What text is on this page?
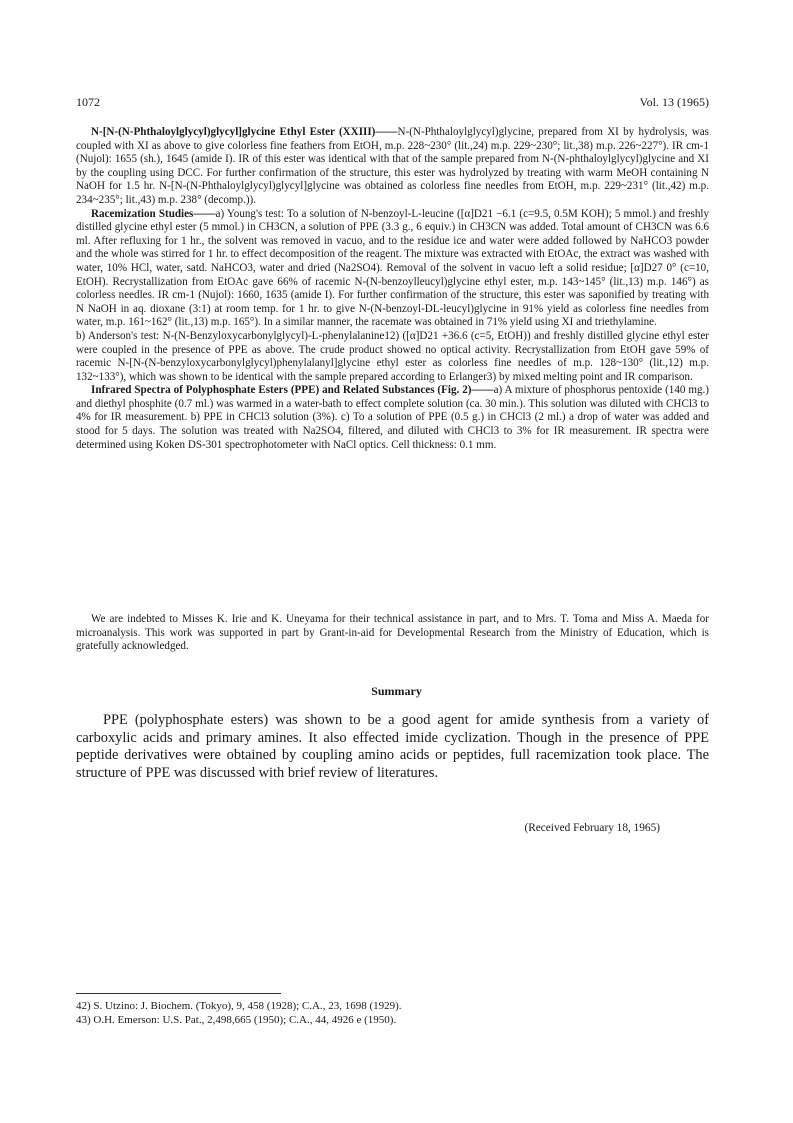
1072	Vol. 13 (1965)

N-[N-(N-Phthaloylglycyl)glycyl]glycine Ethyl Ester (XXIII)——N-(N-Phthaloylglycyl)glycine, prepared from XI by hydrolysis, was coupled with XI as above to give colorless fine feathers from EtOH, m.p. 228~230° (lit.,24) m.p. 229~230°; lit.,38) m.p. 226~227°). IR cm-1 (Nujol): 1655 (sh.), 1645 (amide I). IR of this ester was identical with that of the sample prepared from N-(N-phthaloylglycyl)glycine and XI by the coupling using DCC. For further confirmation of the structure, this ester was hydrolyzed by treating with warm MeOH containing N NaOH for 1.5 hr. N-[N-(N-Phthaloylglycyl)glycyl]glycine was obtained as colorless fine needles from EtOH, m.p. 229~231° (lit.,42) m.p. 234~235°; lit.,43) m.p. 238° (decomp.)).

Racemization Studies——a) Young's test: To a solution of N-benzoyl-L-leucine ([α]D21 −6.1 (c=9.5, 0.5M KOH); 5 mmol.) and freshly distilled glycine ethyl ester (5 mmol.) in CH3CN, a solution of PPE (3.3 g., 6 equiv.) in CH3CN was added. Total amount of CH3CN was 6.6 ml. After refluxing for 1 hr., the solvent was removed in vacuo, and to the residue ice and water were added followed by NaHCO3 powder and the whole was stirred for 1 hr. to effect decomposition of the reagent. The mixture was extracted with EtOAc, the extract was washed with water, 10% HCl, water, satd. NaHCO3, water and dried (Na2SO4). Removal of the solvent in vacuo left a solid residue; [α]D27 0° (c=10, EtOH). Recrystallization from EtOAc gave 66% of racemic N-(N-benzoylleucyl)glycine ethyl ester, m.p. 143~145° (lit.,13) m.p. 146°) as colorless needles. IR cm-1 (Nujol): 1660, 1635 (amide I). For further confirmation of the structure, this ester was saponified by treating with N NaOH in aq. dioxane (3:1) at room temp. for 1 hr. to give N-(N-benzoyl-DL-leucyl)glycine in 91% yield as colorless fine needles from water, m.p. 161~162° (lit.,13) m.p. 165°). In a similar manner, the racemate was obtained in 71% yield using XI and triethylamine.

b) Anderson's test: N-(N-Benzyloxycarbonylglycyl)-L-phenylalanine12) ([α]D21 +36.6 (c=5, EtOH)) and freshly distilled glycine ethyl ester were coupled in the presence of PPE as above. The crude product showed no optical activity. Recrystallization from EtOH gave 59% of racemic N-[N-(N-benzyloxycarbonylglycyl)phenylalanyl]glycine ethyl ester as colorless fine needles of m.p. 128~130° (lit.,12) m.p. 132~133°), which was shown to be identical with the sample prepared according to Erlanger3) by mixed melting point and IR comparison.

Infrared Spectra of Polyphosphate Esters (PPE) and Related Substances (Fig. 2)——a) A mixture of phosphorus pentoxide (140 mg.) and diethyl phosphite (0.7 ml.) was warmed in a water-bath to effect complete solution (ca. 30 min.). This solution was diluted with CHCl3 to 4% for IR measurement. b) PPE in CHCl3 solution (3%). c) To a solution of PPE (0.5 g.) in CHCl3 (2 ml.) a drop of water was added and stood for 5 days. The solution was treated with Na2SO4, filtered, and diluted with CHCl3 to 3% for IR measurement. IR spectra were determined using Koken DS-301 spectrophotometer with NaCl optics. Cell thickness: 0.1 mm.

We are indebted to Misses K. Irie and K. Uneyama for their technical assistance in part, and to Mrs. T. Toma and Miss A. Maeda for microanalysis. This work was supported in part by Grant-in-aid for Developmental Research from the Ministry of Education, which is gratefully acknowledged.

Summary

PPE (polyphosphate esters) was shown to be a good agent for amide synthesis from a variety of carboxylic acids and primary amines. It also effected imide cyclization. Though in the presence of PPE peptide derivatives were obtained by coupling amino acids or peptides, full racemization took place. The structure of PPE was discussed with brief review of literatures.

(Received February 18, 1965)
42) S. Utzino: J. Biochem. (Tokyo), 9, 458 (1928); C.A., 23, 1698 (1929).
43) O.H. Emerson: U.S. Pat., 2,498,665 (1950); C.A., 44, 4926 e (1950).
